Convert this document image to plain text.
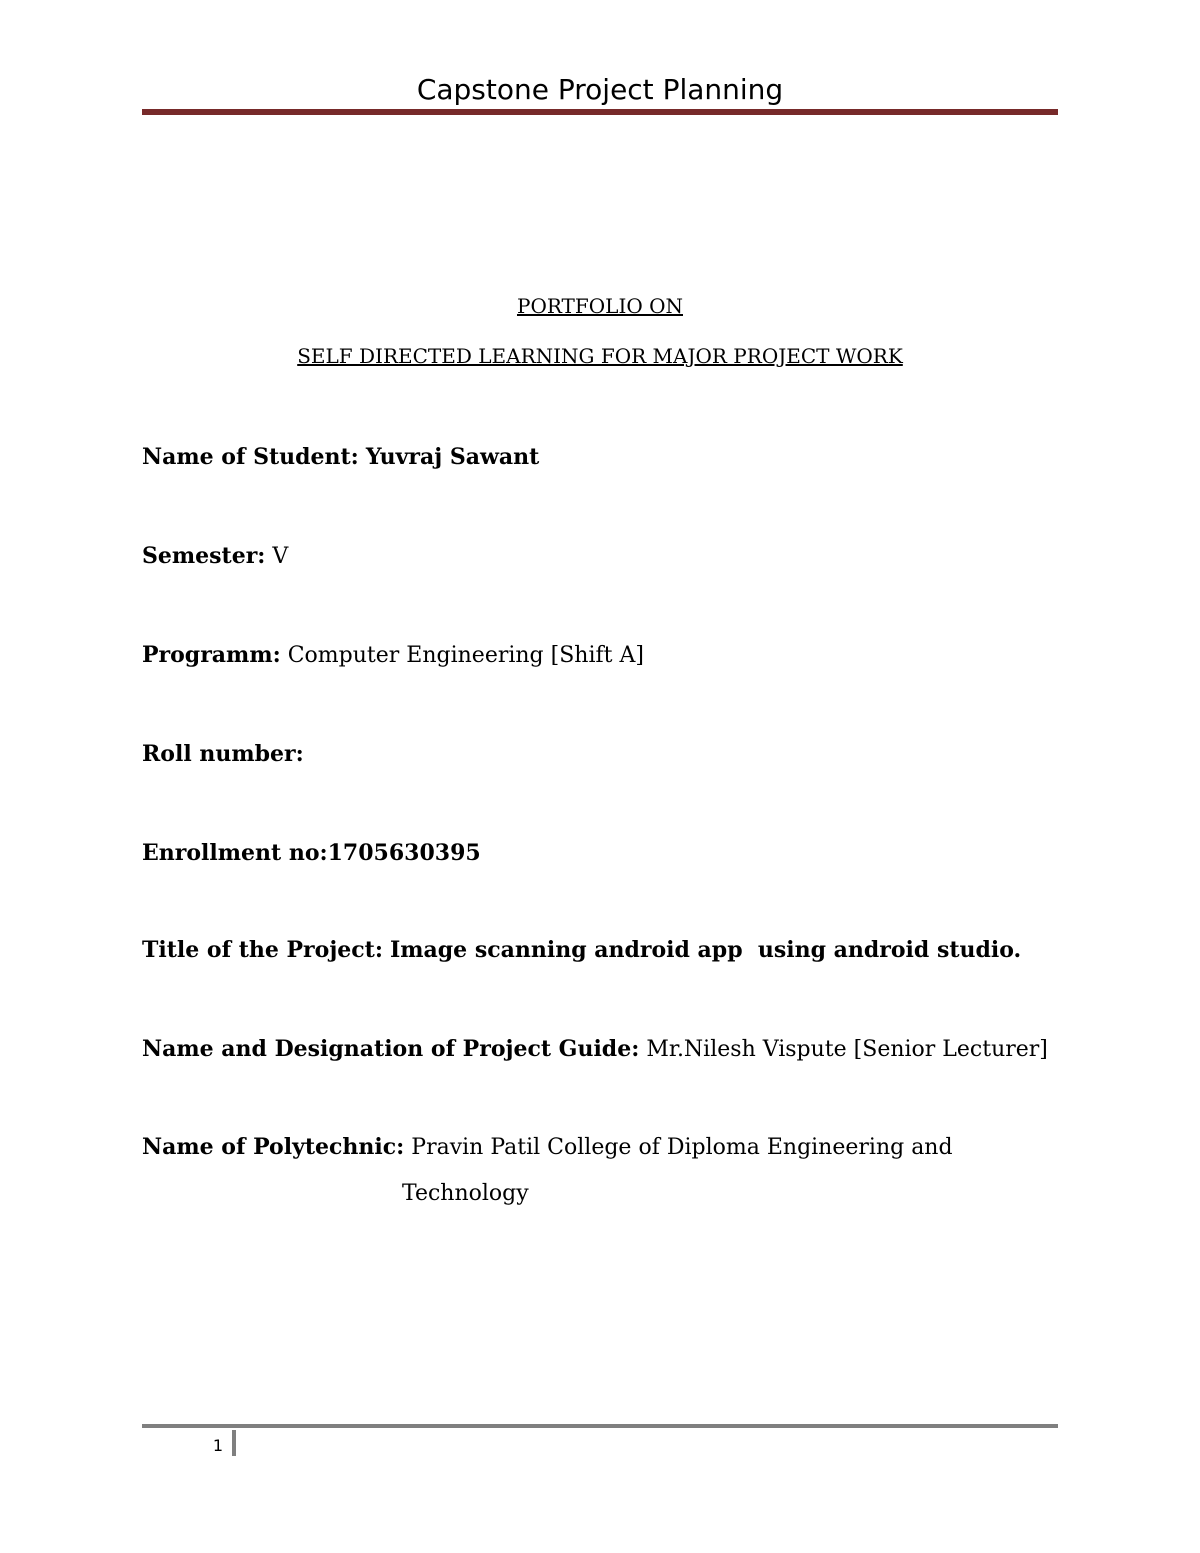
Capstone Project Planning
PORTFOLIO ON
SELF DIRECTED LEARNING FOR MAJOR PROJECT WORK
Name of Student: Yuvraj Sawant
Semester: V
Programm: Computer Engineering [Shift A]
Roll number:
Enrollment no:1705630395
Title of the Project: Image scanning android app  using android studio.
Name and Designation of Project Guide: Mr.Nilesh Vispute [Senior Lecturer]
Name of Polytechnic: Pravin Patil College of Diploma Engineering and
Technology
1
